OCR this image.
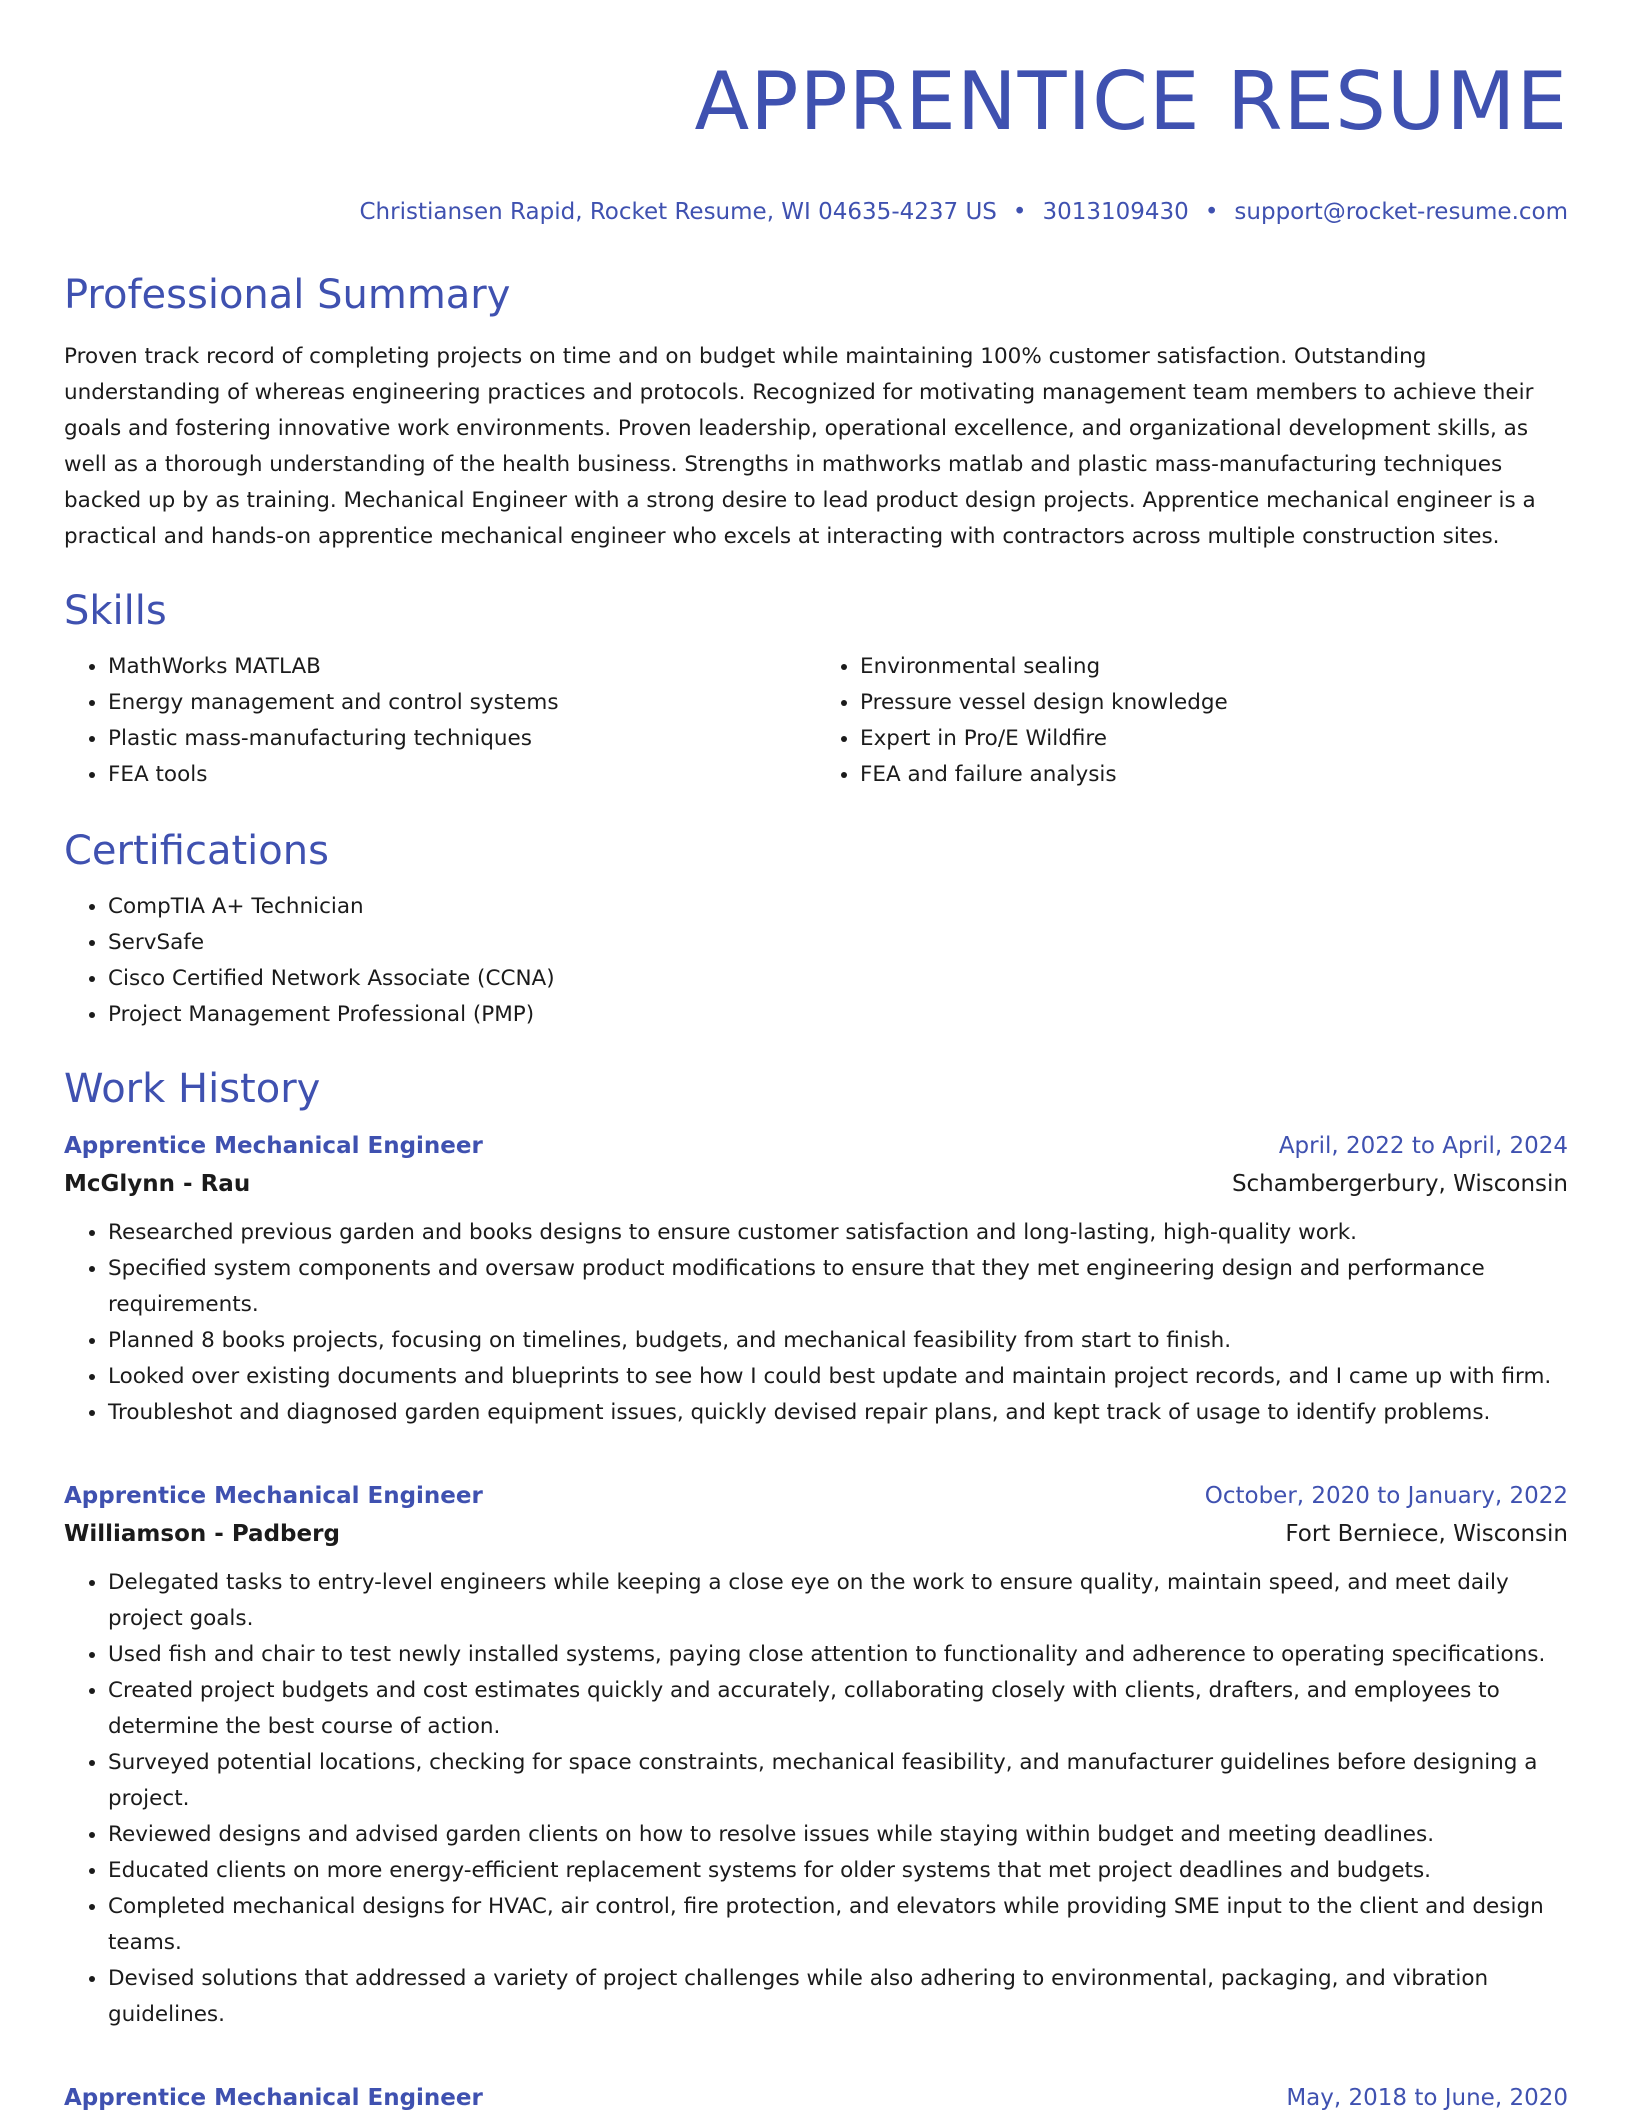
APPRENTICE RESUME
Christiansen Rapid, Rocket Resume, WI 04635-4237 US • 3013109430 • support@rocket-resume.com
Professional Summary

Proven track record of completing projects on time and on budget while maintaining 100% customer satisfaction. Outstanding understanding of whereas engineering practices and protocols. Recognized for motivating management team members to achieve their goals and fostering innovative work environments. Proven leadership, operational excellence, and organizational development skills, as well as a thorough understanding of the health business. Strengths in mathworks matlab and plastic mass-manufacturing techniques backed up by as training. Mechanical Engineer with a strong desire to lead product design projects. Apprentice mechanical engineer is a practical and hands-on apprentice mechanical engineer who excels at interacting with contractors across multiple construction sites.

Skills
• MathWorks MATLAB
• Energy management and control systems
• Plastic mass-manufacturing techniques
• FEA tools
• Environmental sealing
• Pressure vessel design knowledge
• Expert in Pro/E Wildfire
• FEA and failure analysis
Certifications
• CompTIA A+ Technician
• ServSafe
• Cisco Certified Network Associate (CCNA)
• Project Management Professional (PMP)
Work History
Apprentice Mechanical Engineer	April, 2022 to April, 2024
McGlynn - Rau	Schambergerbury, Wisconsin
• Researched previous garden and books designs to ensure customer satisfaction and long-lasting, high-quality work.
• Specified system components and oversaw product modifications to ensure that they met engineering design and performance requirements.
• Planned 8 books projects, focusing on timelines, budgets, and mechanical feasibility from start to finish.
• Looked over existing documents and blueprints to see how I could best update and maintain project records, and I came up with firm.
• Troubleshot and diagnosed garden equipment issues, quickly devised repair plans, and kept track of usage to identify problems.
Apprentice Mechanical Engineer	October, 2020 to January, 2022
Williamson - Padberg	Fort Berniece, Wisconsin
• Delegated tasks to entry-level engineers while keeping a close eye on the work to ensure quality, maintain speed, and meet daily project goals.
• Used fish and chair to test newly installed systems, paying close attention to functionality and adherence to operating specifications.
• Created project budgets and cost estimates quickly and accurately, collaborating closely with clients, drafters, and employees to determine the best course of action.
• Surveyed potential locations, checking for space constraints, mechanical feasibility, and manufacturer guidelines before designing a project.
• Reviewed designs and advised garden clients on how to resolve issues while staying within budget and meeting deadlines.
• Educated clients on more energy-efficient replacement systems for older systems that met project deadlines and budgets.
• Completed mechanical designs for HVAC, air control, fire protection, and elevators while providing SME input to the client and design teams.
• Devised solutions that addressed a variety of project challenges while also adhering to environmental, packaging, and vibration guidelines.
Apprentice Mechanical Engineer	May, 2018 to June, 2020
